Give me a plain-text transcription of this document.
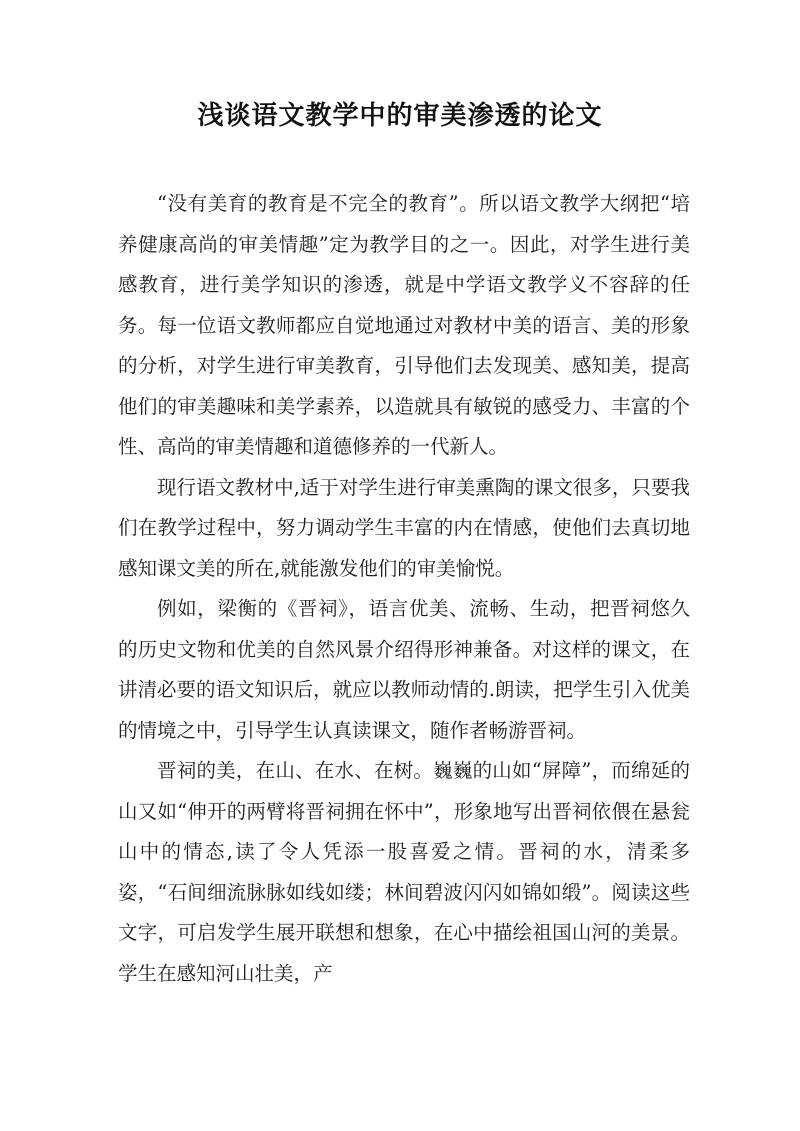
浅谈语文教学中的审美渗透的论文

“没有美育的教育是不完全的教育”。所以语文教学大纲把“培养健康高尚的审美情趣”定为教学目的之一。因此，对学生进行美感教育，进行美学知识的渗透，就是中学语文教学义不容辞的任务。每一位语文教师都应自觉地通过对教材中美的语言、美的形象的分析，对学生进行审美教育，引导他们去发现美、感知美，提高他们的审美趣味和美学素养，以造就具有敏锐的感受力、丰富的个性、高尚的审美情趣和道德修养的一代新人。

现行语文教材中,适于对学生进行审美熏陶的课文很多，只要我们在教学过程中，努力调动学生丰富的内在情感，使他们去真切地感知课文美的所在,就能激发他们的审美愉悦。

例如，梁衡的《晋祠》，语言优美、流畅、生动，把晋祠悠久的历史文物和优美的自然风景介绍得形神兼备。对这样的课文，在讲清必要的语文知识后，就应以教师动情的.朗读，把学生引入优美的情境之中，引导学生认真读课文，随作者畅游晋祠。

晋祠的美，在山、在水、在树。巍巍的山如“屏障”，而绵延的山又如“伸开的两臂将晋祠拥在怀中”，形象地写出晋祠依偎在悬瓮山中的情态,读了令人凭添一股喜爱之情。晋祠的水，清柔多姿，“石间细流脉脉如线如缕；林间碧波闪闪如锦如缎”。阅读这些文字，可启发学生展开联想和想象，在心中描绘祖国山河的美景。学生在感知河山壮美，产
